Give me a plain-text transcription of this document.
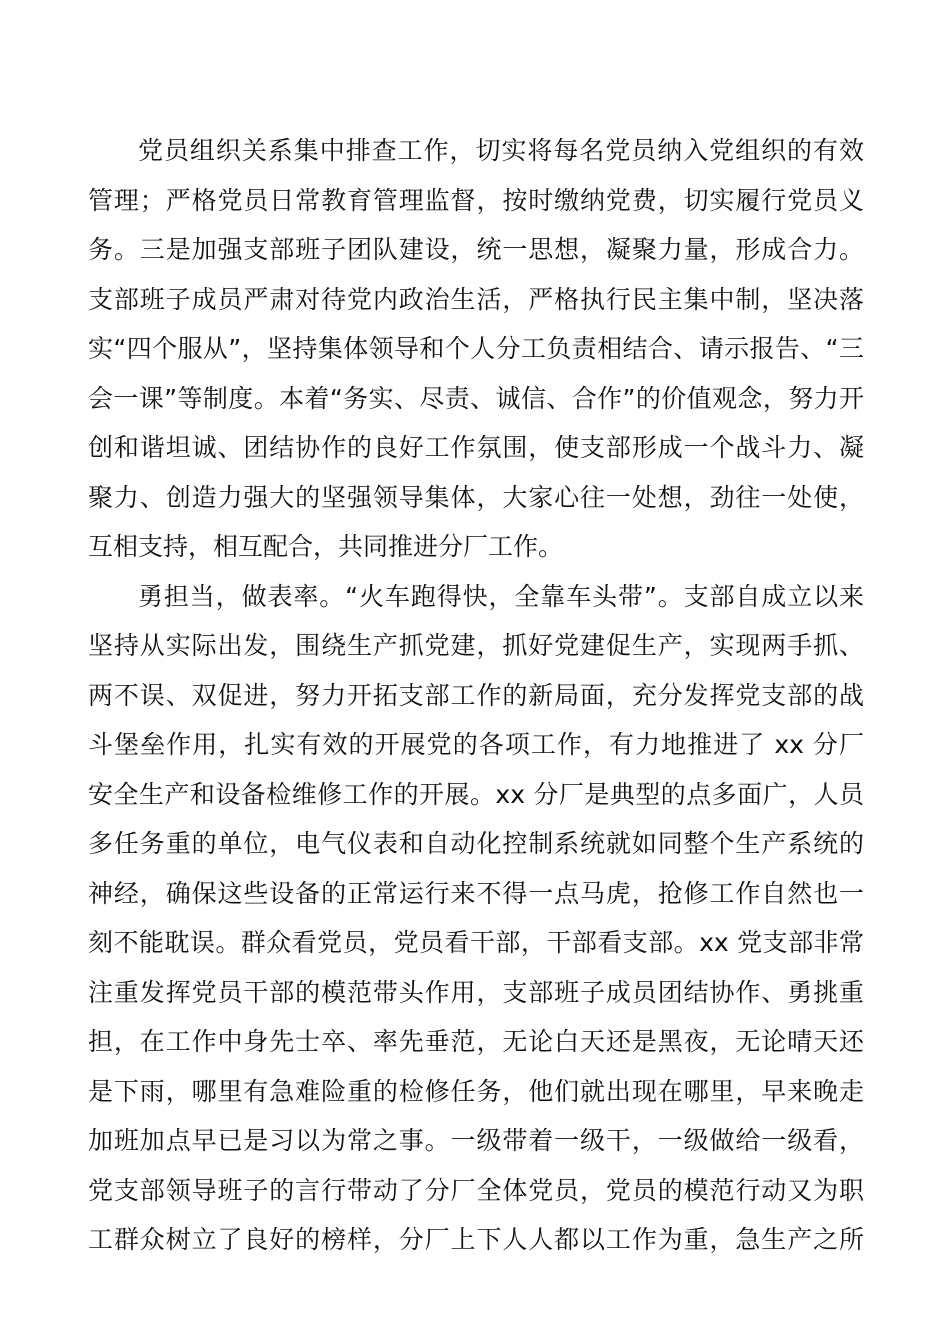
党员组织关系集中排查工作，切实将每名党员纳入党组织的有效
管理；严格党员日常教育管理监督，按时缴纳党费，切实履行党员义
务。三是加强支部班子团队建设，统一思想，凝聚力量，形成合力。
支部班子成员严肃对待党内政治生活，严格执行民主集中制，坚决落
实“四个服从”，坚持集体领导和个人分工负责相结合、请示报告、“三
会一课”等制度。本着“务实、尽责、诚信、合作”的价值观念，努力开
创和谐坦诚、团结协作的良好工作氛围，使支部形成一个战斗力、凝
聚力、创造力强大的坚强领导集体，大家心往一处想，劲往一处使，
互相支持，相互配合，共同推进分厂工作。
勇担当，做表率。“火车跑得快，全靠车头带”。支部自成立以来
坚持从实际出发，围绕生产抓党建，抓好党建促生产，实现两手抓、
两不误、双促进，努力开拓支部工作的新局面，充分发挥党支部的战
斗堡垒作用，扎实有效的开展党的各项工作，有力地推进了 xx 分厂
安全生产和设备检维修工作的开展。xx 分厂是典型的点多面广，人员
多任务重的单位，电气仪表和自动化控制系统就如同整个生产系统的
神经，确保这些设备的正常运行来不得一点马虎，抢修工作自然也一
刻不能耽误。群众看党员，党员看干部，干部看支部。xx 党支部非常
注重发挥党员干部的模范带头作用，支部班子成员团结协作、勇挑重
担，在工作中身先士卒、率先垂范，无论白天还是黑夜，无论晴天还
是下雨，哪里有急难险重的检修任务，他们就出现在哪里，早来晚走
加班加点早已是习以为常之事。一级带着一级干，一级做给一级看，
党支部领导班子的言行带动了分厂全体党员，党员的模范行动又为职
工群众树立了良好的榜样，分厂上下人人都以工作为重，急生产之所
